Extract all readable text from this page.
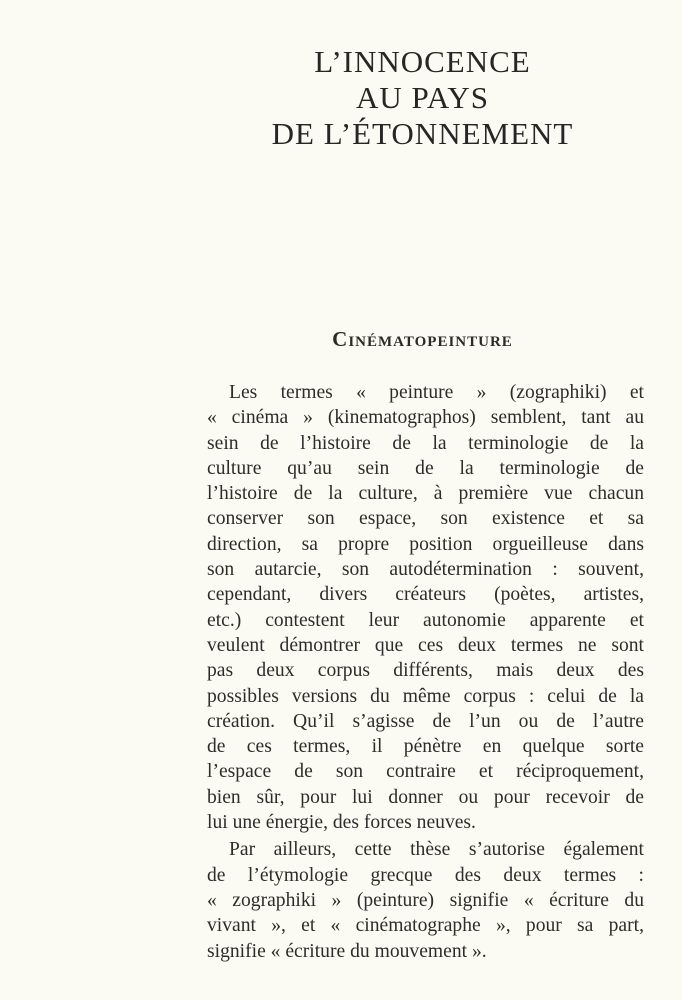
L’INNOCENCE
AU PAYS
DE L’ÉTONNEMENT
Cinématopeinture

Les termes « peinture » (zographiki) et
« cinéma » (kinematographos) semblent, tant au
sein de l’histoire de la terminologie de la
culture qu’au sein de la terminologie de
l’histoire de la culture, à première vue chacun
conserver son espace, son existence et sa
direction, sa propre position orgueilleuse dans
son autarcie, son autodétermination : souvent,
cependant, divers créateurs (poètes, artistes,
etc.) contestent leur autonomie apparente et
veulent démontrer que ces deux termes ne sont
pas deux corpus différents, mais deux des
possibles versions du même corpus : celui de la
création. Qu’il s’agisse de l’un ou de l’autre
de ces termes, il pénètre en quelque sorte
l’espace de son contraire et réciproquement,
bien sûr, pour lui donner ou pour recevoir de
lui une énergie, des forces neuves.

Par ailleurs, cette thèse s’autorise également
de l’étymologie grecque des deux termes :
« zographiki » (peinture) signifie « écriture du
vivant », et « cinématographe », pour sa part,
signifie « écriture du mouvement ».
